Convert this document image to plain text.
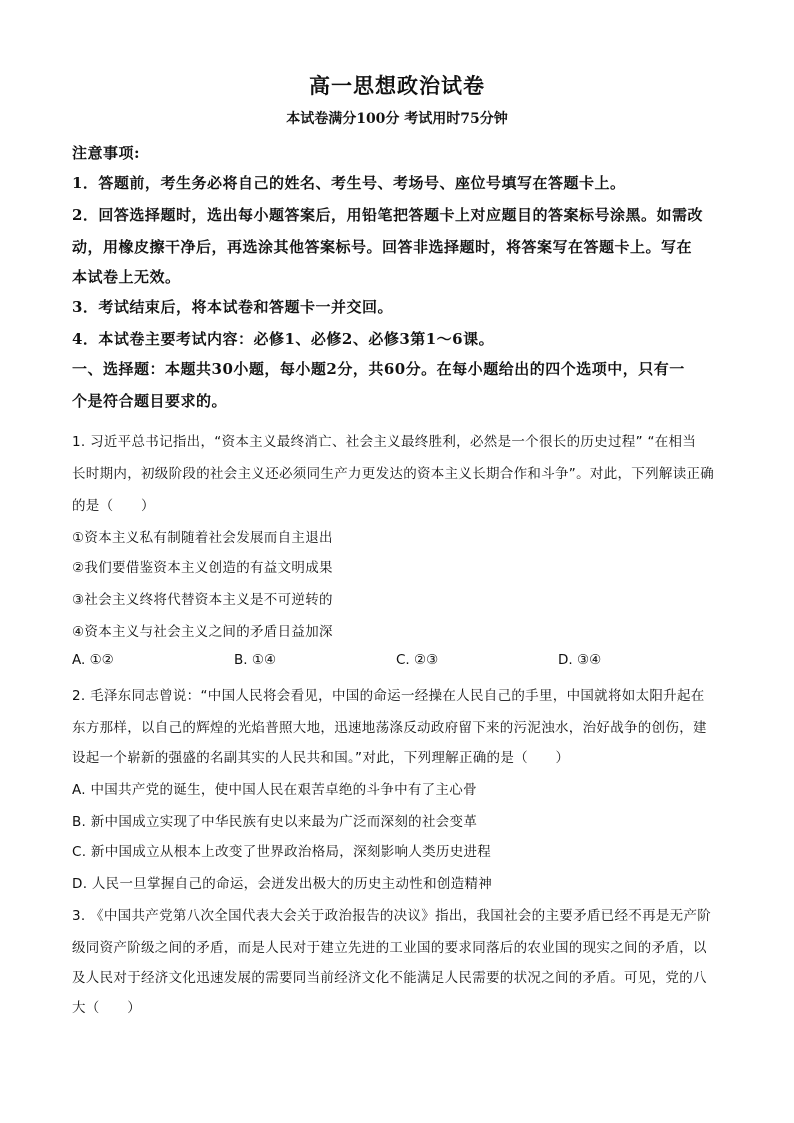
高一思想政治试卷
本试卷满分100分 考试用时75分钟
注意事项:
1．答题前，考生务必将自己的姓名、考生号、考场号、座位号填写在答题卡上。
2．回答选择题时，选出每小题答案后，用铅笔把答题卡上对应题目的答案标号涂黑。如需改
动，用橡皮擦干净后，再选涂其他答案标号。回答非选择题时，将答案写在答题卡上。写在
本试卷上无效。
3．考试结束后，将本试卷和答题卡一并交回。
4．本试卷主要考试内容：必修1、必修2、必修3第1～6课。
一、选择题：本题共30小题，每小题2分，共60分。在每小题给出的四个选项中，只有一
个是符合题目要求的。
1. 习近平总书记指出，“资本主义最终消亡、社会主义最终胜利，必然是一个很长的历史过程” “在相当
长时期内，初级阶段的社会主义还必须同生产力更发达的资本主义长期合作和斗争”。对此，下列解读正确
的是（　　）
①资本主义私有制随着社会发展而自主退出
②我们要借鉴资本主义创造的有益文明成果
③社会主义终将代替资本主义是不可逆转的
④资本主义与社会主义之间的矛盾日益加深
A. ①②	B. ①④	C. ②③	D. ③④
2. 毛泽东同志曾说：“中国人民将会看见，中国的命运一经操在人民自己的手里，中国就将如太阳升起在
东方那样，以自己的辉煌的光焰普照大地，迅速地荡涤反动政府留下来的污泥浊水，治好战争的创伤，建
设起一个崭新的强盛的名副其实的人民共和国。”对此，下列理解正确的是（　　）
A. 中国共产党的诞生，使中国人民在艰苦卓绝的斗争中有了主心骨
B. 新中国成立实现了中华民族有史以来最为广泛而深刻的社会变革
C. 新中国成立从根本上改变了世界政治格局，深刻影响人类历史进程
D. 人民一旦掌握自己的命运，会迸发出极大的历史主动性和创造精神
3. 《中国共产党第八次全国代表大会关于政治报告的决议》指出，我国社会的主要矛盾已经不再是无产阶
级同资产阶级之间的矛盾，而是人民对于建立先进的工业国的要求同落后的农业国的现实之间的矛盾，以
及人民对于经济文化迅速发展的需要同当前经济文化不能满足人民需要的状况之间的矛盾。可见，党的八
大（　　）
